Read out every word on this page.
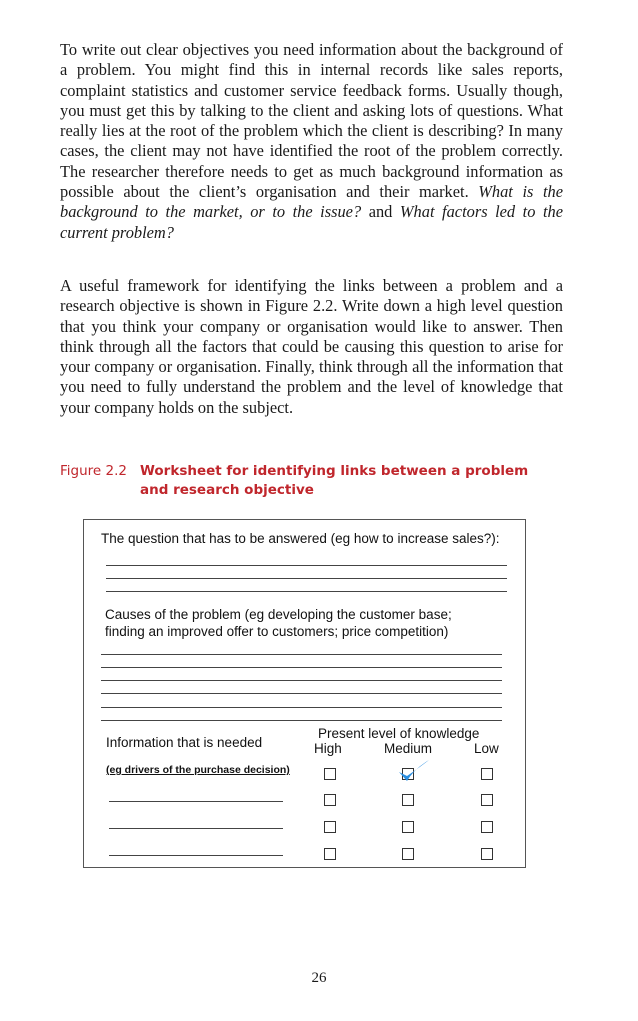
To write out clear objectives you need information about the background of a problem. You might find this in internal records like sales reports, complaint statistics and customer service feedback forms. Usually though, you must get this by talking to the client and asking lots of questions. What really lies at the root of the problem which the client is describing? In many cases, the client may not have identified the root of the problem correctly. The researcher therefore needs to get as much background information as possible about the client’s organisation and their market. What is the background to the market, or to the issue? and What factors led to the current problem?

A useful framework for identifying the links between a problem and a research objective is shown in Figure 2.2. Write down a high level question that you think your company or organisation would like to answer. Then think through all the factors that could be causing this question to arise for your company or organisation. Finally, think through all the information that you need to fully understand the problem and the level of knowledge that your company holds on the subject.

Figure 2.2 Worksheet for identifying links between a problem and research objective
The question that has to be answered (eg how to increase sales?):
Causes of the problem (eg developing the customer base;
finding an improved offer to customers; price competition)
Present level of knowledge
Information that is needed	High	Medium	Low
(eg drivers of the purchase decision)
26
